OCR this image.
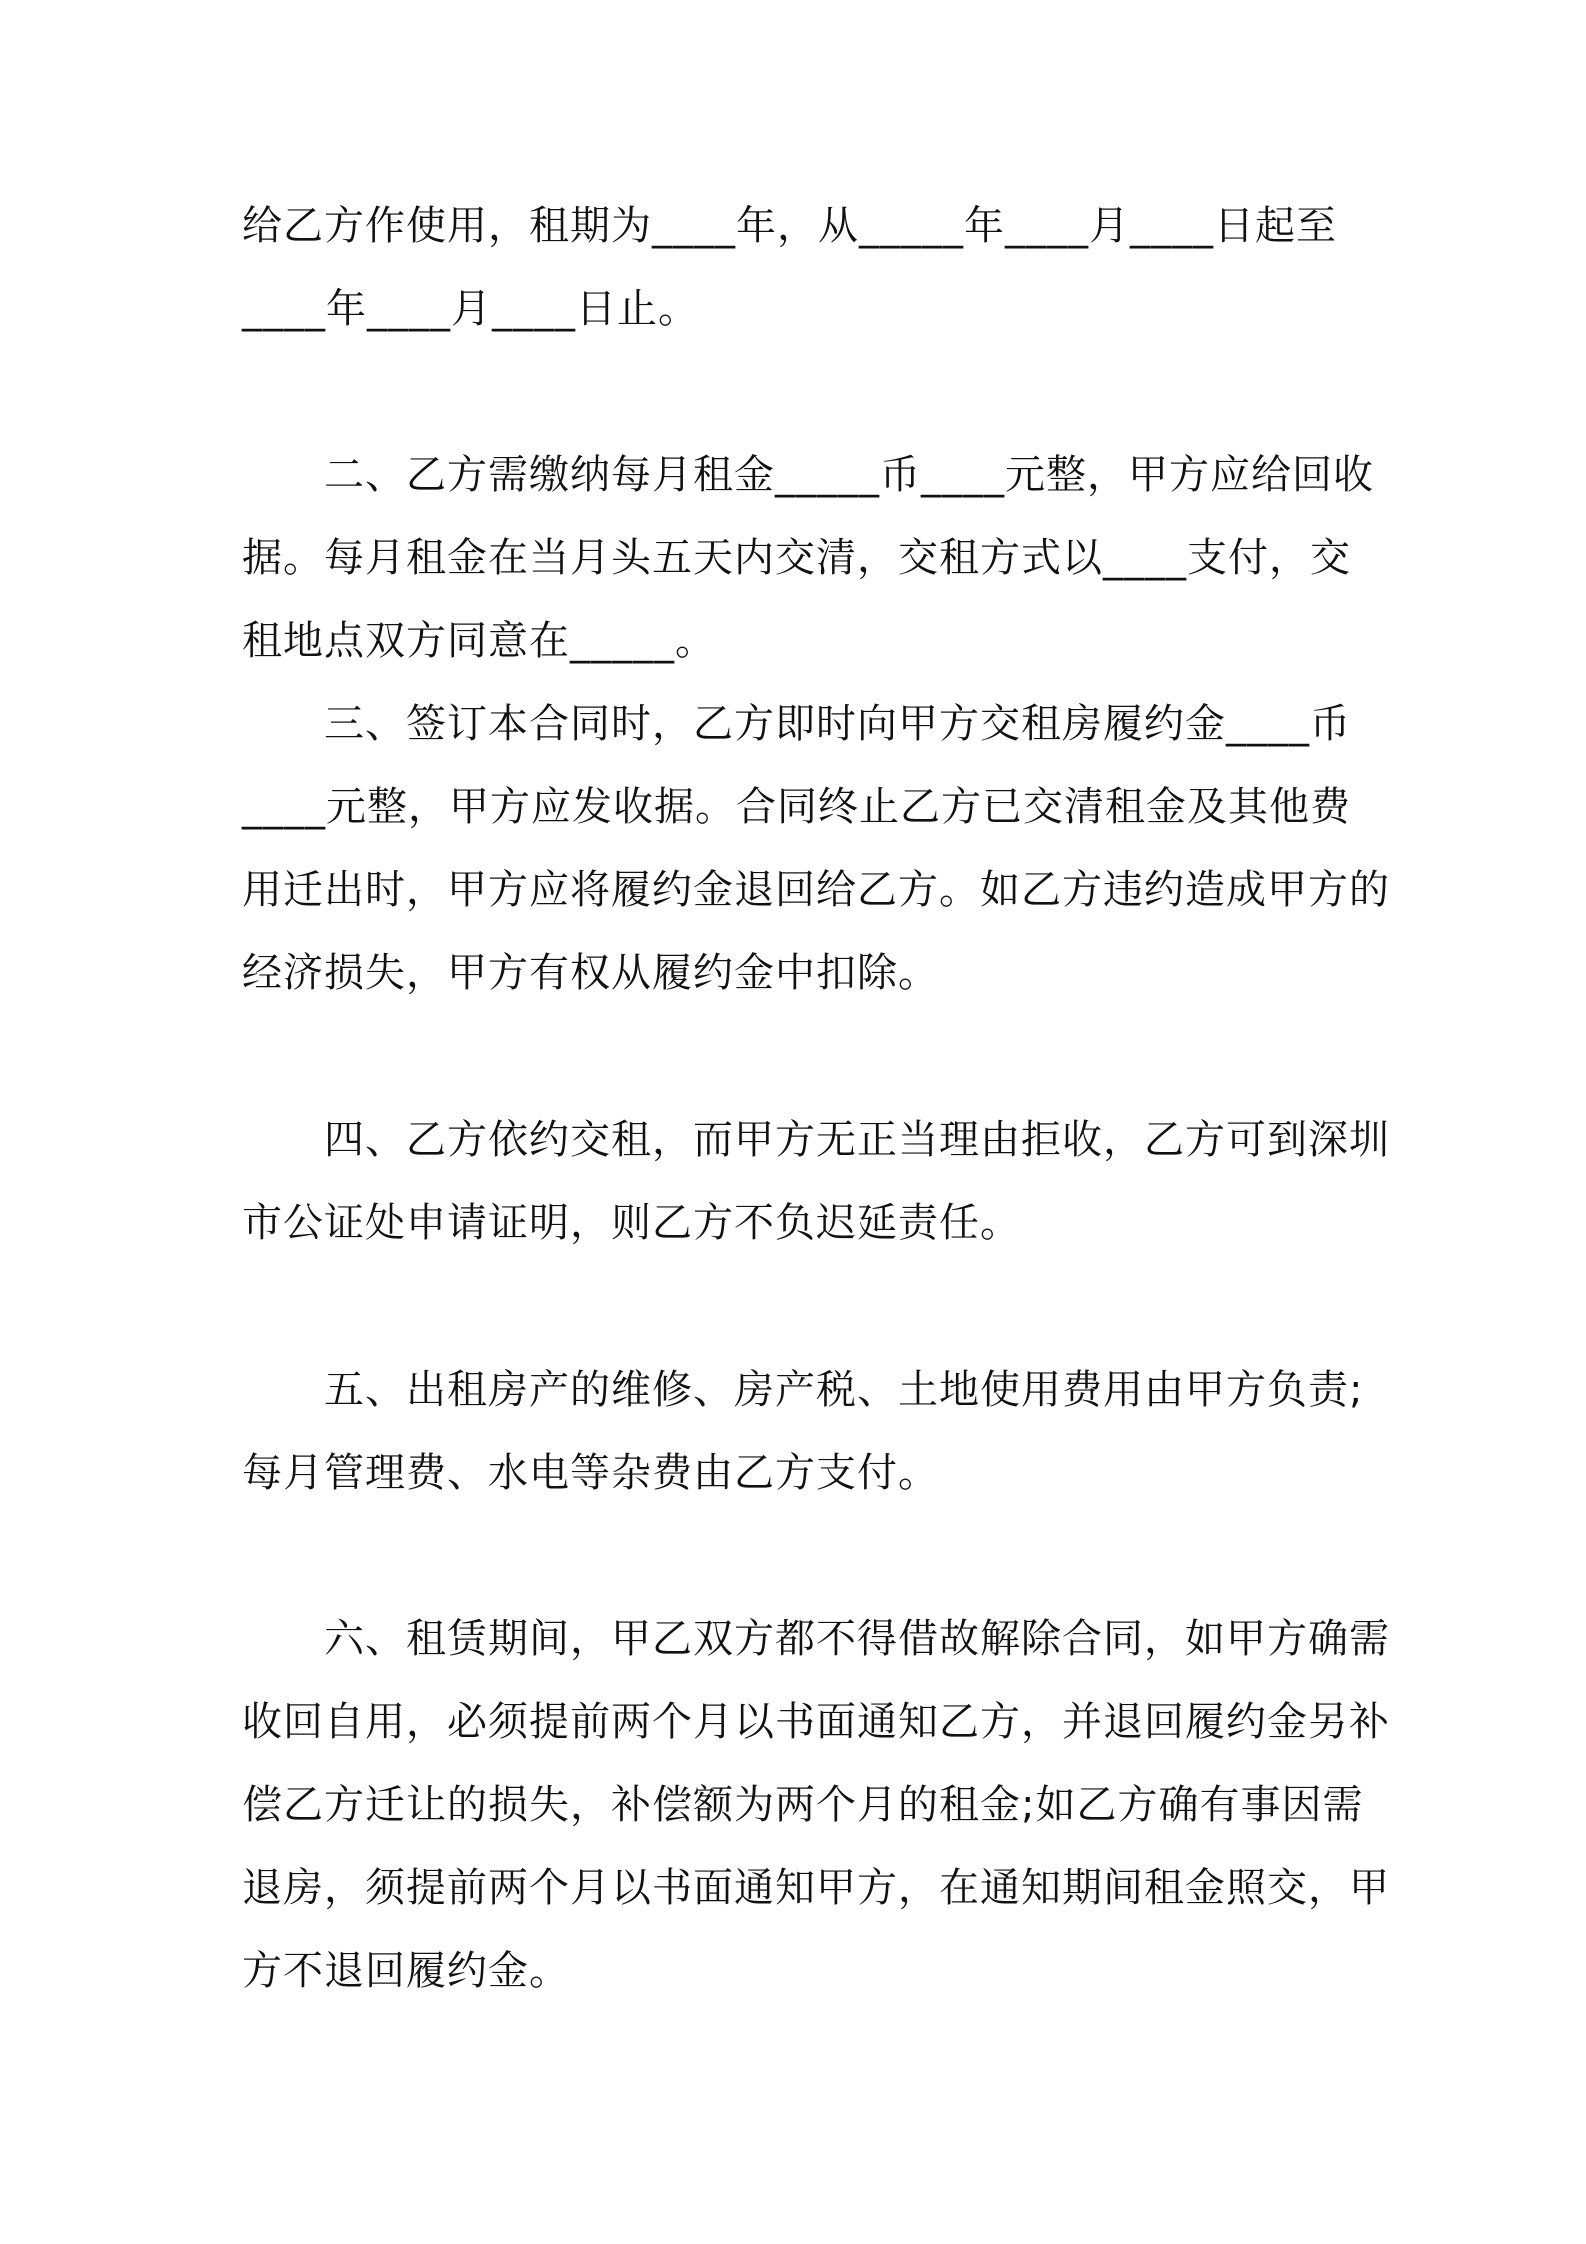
给乙方作使用，租期为____年，从_____年____月____日起至
____年____月____日止。
　　二、乙方需缴纳每月租金_____币____元整，甲方应给回收
据。每月租金在当月头五天内交清，交租方式以____支付，交
租地点双方同意在_____。
　　三、签订本合同时，乙方即时向甲方交租房履约金____币
____元整，甲方应发收据。合同终止乙方已交清租金及其他费
用迁出时，甲方应将履约金退回给乙方。如乙方违约造成甲方的
经济损失，甲方有权从履约金中扣除。
　　四、乙方依约交租，而甲方无正当理由拒收，乙方可到深圳
市公证处申请证明，则乙方不负迟延责任。
　　五、出租房产的维修、房产税、土地使用费用由甲方负责;
每月管理费、水电等杂费由乙方支付。
　　六、租赁期间，甲乙双方都不得借故解除合同，如甲方确需
收回自用，必须提前两个月以书面通知乙方，并退回履约金另补
偿乙方迁让的损失，补偿额为两个月的租金;如乙方确有事因需
退房，须提前两个月以书面通知甲方，在通知期间租金照交，甲
方不退回履约金。
